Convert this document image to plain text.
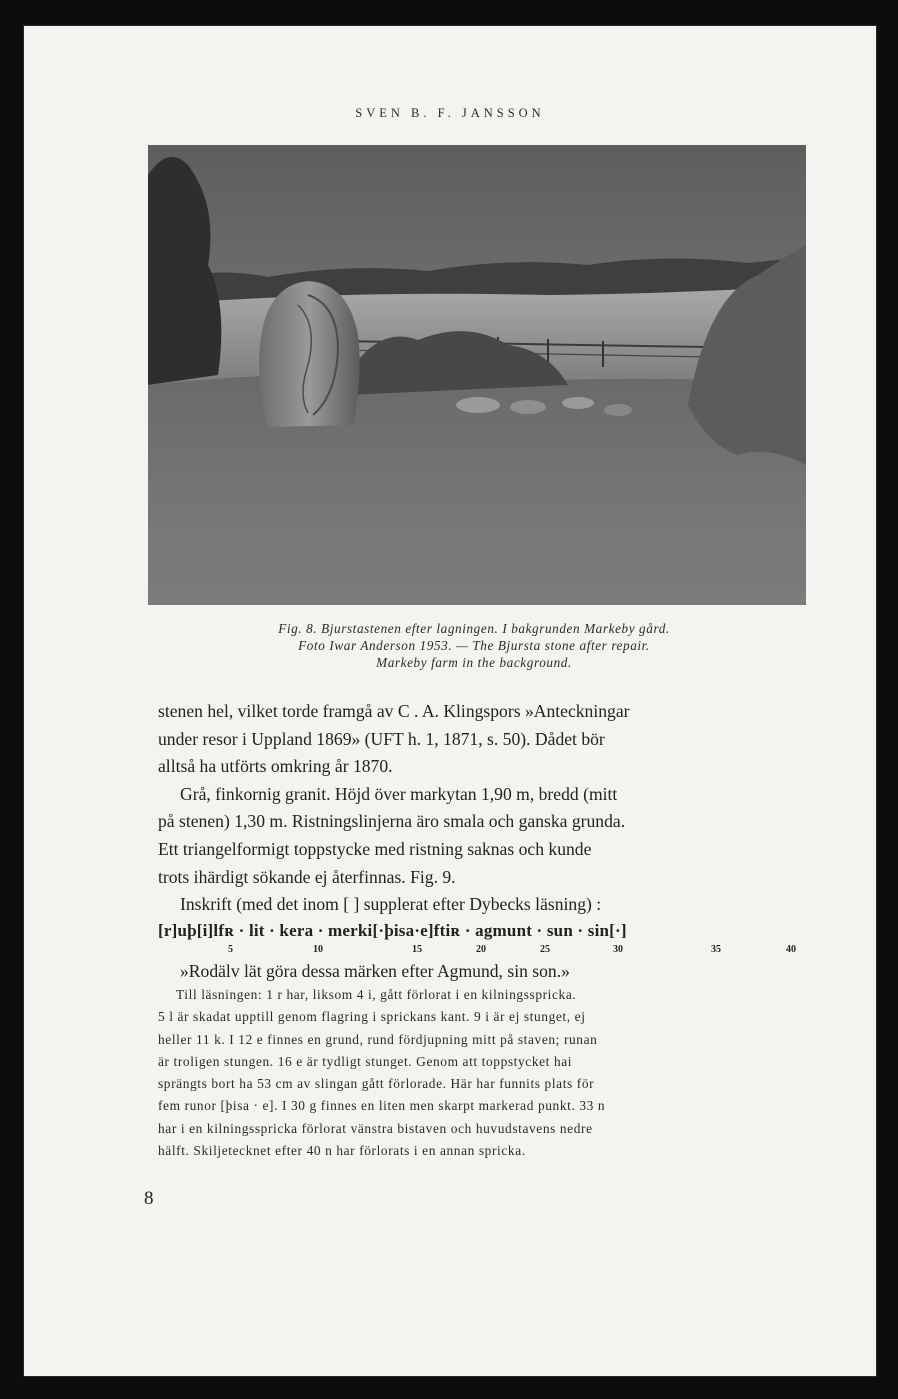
SVEN B. F. JANSSON
Fig. 8. Bjurstastenen efter lagningen. I bakgrunden Markeby gård.
Foto Iwar Anderson 1953. — The Bjursta stone after repair.
Markeby farm in the background.

stenen hel, vilket torde framgå av C . A. Klingspors »Anteckningar

under resor i Uppland 1869» (UFT h. 1, 1871, s. 50). Dådet bör

alltså ha utförts omkring år 1870.

Grå, finkornig granit. Höjd över markytan 1,90 m, bredd (mitt

på stenen) 1,30 m. Ristningslinjerna äro smala och ganska grunda.

Ett triangelformigt toppstycke med ristning saknas och kunde

trots ihärdigt sökande ej återfinnas. Fig. 9.

Inskrift (med det inom [ ] supplerat efter Dybecks läsning) :

[r]uþ[i]lfʀ · lit · kera · merki[·þisa·e]ftiʀ · agmunt · sun · sin[·]
5	10	15	20	25	30	35	40
»Rodälv lät göra dessa märken efter Agmund, sin son.»

Till läsningen: 1 r har, liksom 4 i, gått förlorat i en kilningsspricka.

5 l är skadat upptill genom flagring i sprickans kant. 9 i är ej stunget, ej

heller 11 k. I 12 e finnes en grund, rund fördjupning mitt på staven; runan

är troligen stungen. 16 e är tydligt stunget. Genom att toppstycket hai

sprängts bort ha 53 cm av slingan gått förlorade. Här har funnits plats för

fem runor [þisa · e]. I 30 g finnes en liten men skarpt markerad punkt. 33 n

har i en kilningsspricka förlorat vänstra bistaven och huvudstavens nedre

hälft. Skiljetecknet efter 40 n har förlorats i en annan spricka.

8
